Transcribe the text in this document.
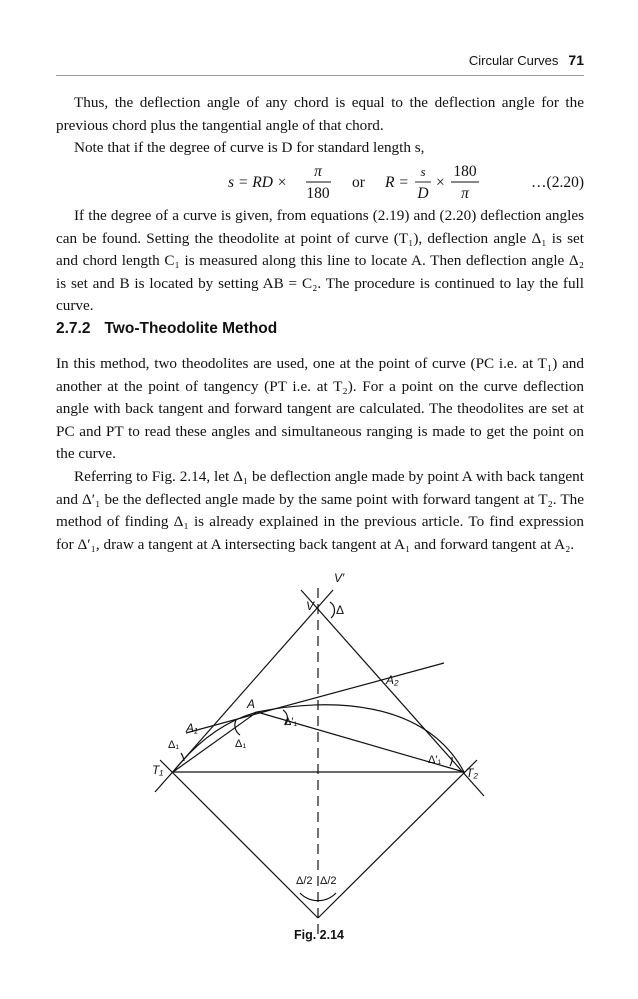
Circular Curves 71

Thus, the deflection angle of any chord is equal to the deflection angle for the previous chord plus the tangential angle of that chord.

Note that if the degree of curve is D for standard length s,

s = RD ×
π
180
or R =
s
D
×
180
π
…(2.20)

If the degree of a curve is given, from equations (2.19) and (2.20) deflection angles can be found. Setting the theodolite at point of curve (T₁), deflection angle Δ₁ is set and chord length C₁ is measured along this line to locate A. Then deflection angle Δ₂ is set and B is located by setting AB = C₂. The procedure is continued to lay the full curve.

2.7.2 Two-Theodolite Method

In this method, two theodolites are used, one at the point of curve (PC i.e. at T₁) and another at the point of tangency (PT i.e. at T₂). For a point on the curve deflection angle with back tangent and forward tangent are calculated. The theodolites are set at PC and PT to read these angles and simultaneous ranging is made to get the point on the curve.

Referring to Fig. 2.14, let Δ₁ be deflection angle made by point A with back tangent and Δ′₁ be the deflected angle made by the same point with forward tangent at T₂. The method of finding Δ₁ is already explained in the previous article. To find expression for Δ′₁, draw a tangent at A intersecting back tangent at A₁ and forward tangent at A₂.

V′
V Δ
A₂
A
Δ′₁
A₁
Δ₁	Δ₁
Δ′₁
T₁	T₂
Δ/2 Δ/2
Fig. 2.14
